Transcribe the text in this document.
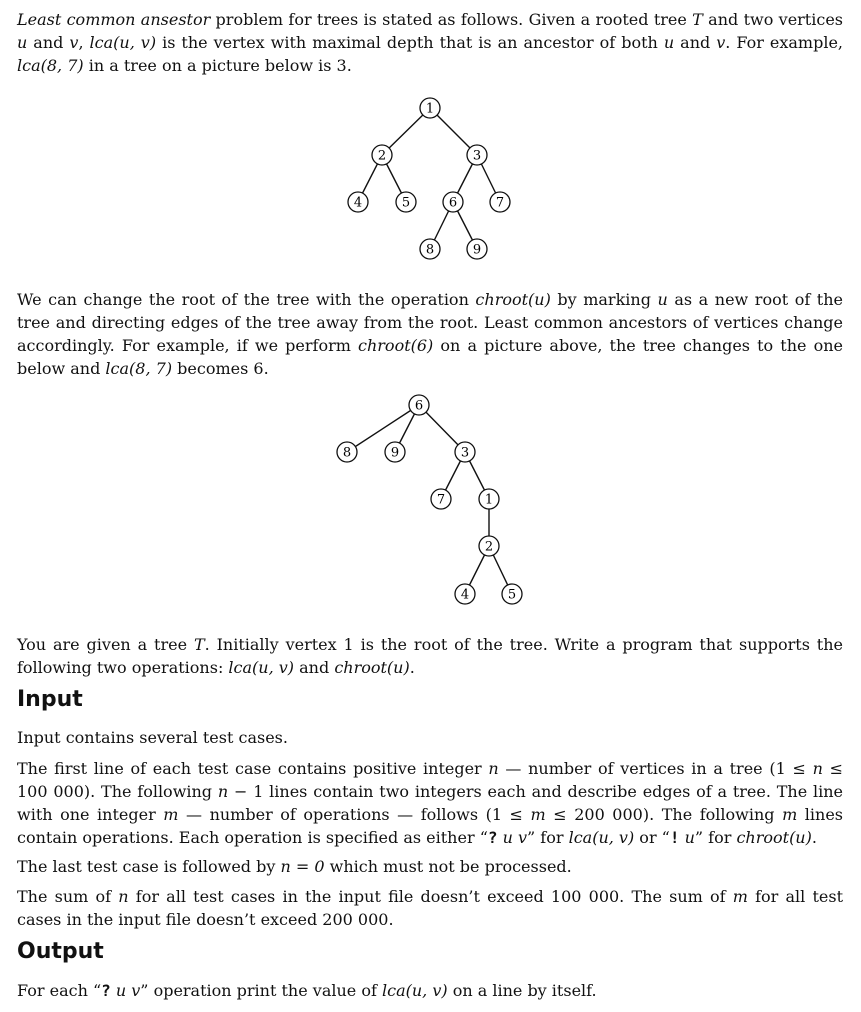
Least common ansestor problem for trees is stated as follows. Given a rooted tree T and two vertices u and v, lca(u, v) is the vertex with maximal depth that is an ancestor of both u and v. For example, lca(8, 7) in a tree on a picture below is 3.

1
2	3
4	5	6	7
8	9

We can change the root of the tree with the operation chroot(u) by marking u as a new root of the tree and directing edges of the tree away from the root. Least common ancestors of vertices change accordingly. For example, if we perform chroot(6) on a picture above, the tree changes to the one below and lca(8, 7) becomes 6.

6
8	9	3
7	1
2
4	5

You are given a tree T. Initially vertex 1 is the root of the tree. Write a program that supports the following two operations: lca(u, v) and chroot(u).

Input

Input contains several test cases.

The first line of each test case contains positive integer n — number of vertices in a tree (1 ≤ n ≤ 100 000). The following n − 1 lines contain two integers each and describe edges of a tree. The line with one integer m — number of operations — follows (1 ≤ m ≤ 200 000). The following m lines contain operations. Each operation is specified as either “? u v” for lca(u, v) or “! u” for chroot(u).

The last test case is followed by n = 0 which must not be processed.

The sum of n for all test cases in the input file doesn’t exceed 100 000. The sum of m for all test cases in the input file doesn’t exceed 200 000.

Output

For each “? u v” operation print the value of lca(u, v) on a line by itself.
